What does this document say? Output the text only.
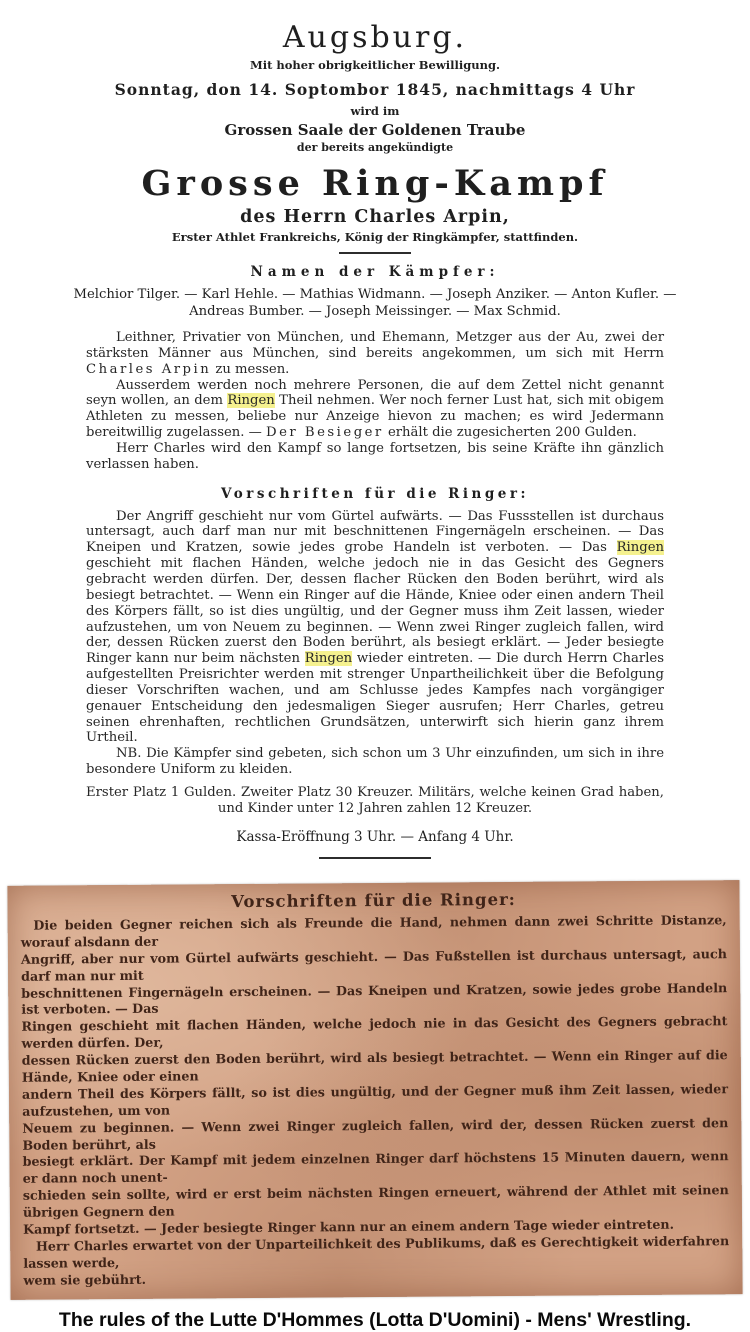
Augsburg.
Mit hoher obrigkeitlicher Bewilligung.
Sonntag, don 14. Soptombor 1845, nachmittags 4 Uhr
wird im
Grossen Saale der Goldenen Traube
der bereits angekündigte
Grosse Ring-Kampf
des Herrn Charles Arpin,
Erster Athlet Frankreichs, König der Ringkämpfer, stattfinden.
Namen der Kämpfer:
Melchior Tilger. — Karl Hehle. — Mathias Widmann. — Joseph Anziker. — Anton Kufler. —
Andreas Bumber. — Joseph Meissinger. — Max Schmid.

Leithner, Privatier von München, und Ehemann, Metzger aus der Au, zwei der stärksten Männer aus München, sind bereits angekommen, um sich mit Herrn Charles Arpin zu messen.

Ausserdem werden noch mehrere Personen, die auf dem Zettel nicht genannt seyn wollen, an dem Ringen Theil nehmen. Wer noch ferner Lust hat, sich mit obigem Athleten zu messen, beliebe nur Anzeige hievon zu machen; es wird Jedermann bereitwillig zugelassen. — Der Besieger erhält die zugesicherten 200 Gulden.

Herr Charles wird den Kampf so lange fortsetzen, bis seine Kräfte ihn gänzlich verlassen haben.

Vorschriften für die Ringer:

Der Angriff geschieht nur vom Gürtel aufwärts. — Das Fussstellen ist durchaus untersagt, auch darf man nur mit beschnittenen Fingernägeln erscheinen. — Das Kneipen und Kratzen, sowie jedes grobe Handeln ist verboten. — Das Ringen geschieht mit flachen Händen, welche jedoch nie in das Gesicht des Gegners gebracht werden dürfen. Der, dessen flacher Rücken den Boden berührt, wird als besiegt betrachtet. — Wenn ein Ringer auf die Hände, Kniee oder einen andern Theil des Körpers fällt, so ist dies ungültig, und der Gegner muss ihm Zeit lassen, wieder aufzustehen, um von Neuem zu beginnen. — Wenn zwei Ringer zugleich fallen, wird der, dessen Rücken zuerst den Boden berührt, als besiegt erklärt. — Jeder besiegte Ringer kann nur beim nächsten Ringen wieder eintreten. — Die durch Herrn Charles aufgestellten Preisrichter werden mit strenger Unpartheilichkeit über die Befolgung dieser Vorschriften wachen, und am Schlusse jedes Kampfes nach vorgängiger genauer Entscheidung den jedesmaligen Sieger ausrufen; Herr Charles, getreu seinen ehrenhaften, rechtlichen Grundsätzen, unterwirft sich hierin ganz ihrem Urtheil.

NB. Die Kämpfer sind gebeten, sich schon um 3 Uhr einzufinden, um sich in ihre besondere Uniform zu kleiden.

Erster Platz 1 Gulden. Zweiter Platz 30 Kreuzer. Militärs, welche keinen Grad haben, und Kinder unter 12 Jahren zahlen 12 Kreuzer.

Kassa-Eröffnung 3 Uhr. — Anfang 4 Uhr.
Vorschriften für die Ringer:
 Die beiden Gegner reichen sich als Freunde die Hand, nehmen dann zwei Schritte Distanze, worauf alsdann der
Angriff, aber nur vom Gürtel aufwärts geschieht. — Das Fußstellen ist durchaus untersagt, auch darf man nur mit
beschnittenen Fingernägeln erscheinen. — Das Kneipen und Kratzen, sowie jedes grobe Handeln ist verboten. — Das
Ringen geschieht mit flachen Händen, welche jedoch nie in das Gesicht des Gegners gebracht werden dürfen. Der,
dessen Rücken zuerst den Boden berührt, wird als besiegt betrachtet. — Wenn ein Ringer auf die Hände, Kniee oder einen
andern Theil des Körpers fällt, so ist dies ungültig, und der Gegner muß ihm Zeit lassen, wieder aufzustehen, um von
Neuem zu beginnen. — Wenn zwei Ringer zugleich fallen, wird der, dessen Rücken zuerst den Boden berührt, als
besiegt erklärt. Der Kampf mit jedem einzelnen Ringer darf höchstens 15 Minuten dauern, wenn er dann noch unent-
schieden sein sollte, wird er erst beim nächsten Ringen erneuert, während der Athlet mit seinen übrigen Gegnern den
Kampf fortsetzt. — Jeder besiegte Ringer kann nur an einem andern Tage wieder eintreten.
 Herr Charles erwartet von der Unparteilichkeit des Publikums, daß es Gerechtigkeit widerfahren lassen werde,
wem sie gebührt.
The rules of the Lutte D'Hommes (Lotta D'Uomini) - Mens' Wrestling.
